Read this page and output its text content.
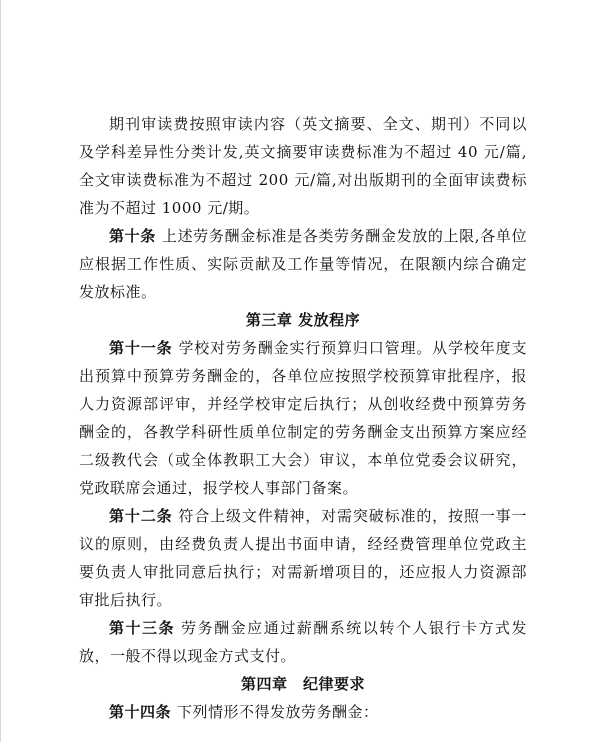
期刊审读费按照审读内容（英文摘要、全文、期刊）不同以及学科差异性分类计发,英文摘要审读费标准为不超过 40 元/篇,全文审读费标准为不超过 200 元/篇,对出版期刊的全面审读费标准为不超过 1000 元/期。

第十条 上述劳务酬金标准是各类劳务酬金发放的上限,各单位应根据工作性质、实际贡献及工作量等情况，在限额内综合确定发放标准。

第三章 发放程序

第十一条 学校对劳务酬金实行预算归口管理。从学校年度支出预算中预算劳务酬金的，各单位应按照学校预算审批程序，报人力资源部评审，并经学校审定后执行；从创收经费中预算劳务酬金的，各教学科研性质单位制定的劳务酬金支出预算方案应经二级教代会（或全体教职工大会）审议，本单位党委会议研究，党政联席会通过，报学校人事部门备案。

第十二条 符合上级文件精神，对需突破标准的，按照一事一议的原则，由经费负责人提出书面申请，经经费管理单位党政主要负责人审批同意后执行；对需新增项目的，还应报人力资源部审批后执行。

第十三条 劳务酬金应通过薪酬系统以转个人银行卡方式发放，一般不得以现金方式支付。

第四章　纪律要求

第十四条 下列情形不得发放劳务酬金：
